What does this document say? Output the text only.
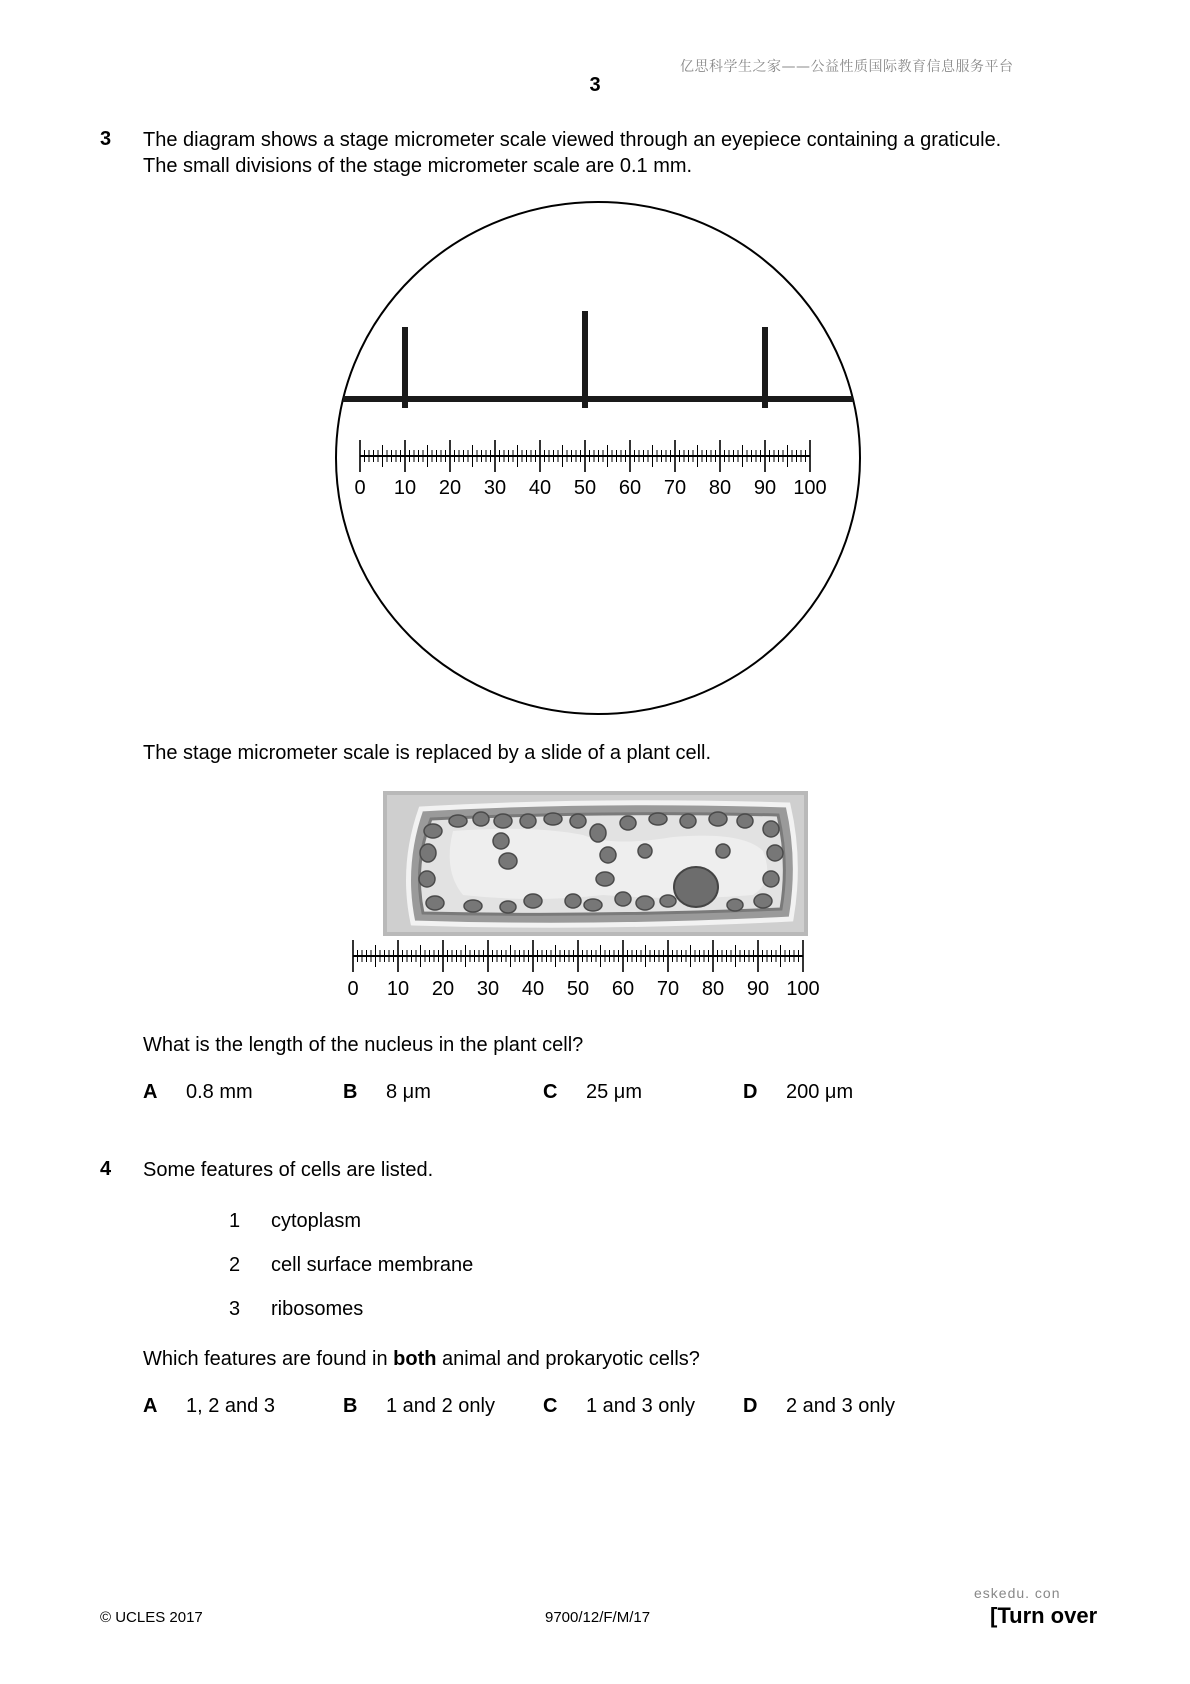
亿思科学生之家——公益性质国际教育信息服务平台
3
3 The diagram shows a stage micrometer scale viewed through an eyepiece containing a graticule.
The small divisions of the stage micrometer scale are 0.1 mm.
0 10 20 30 40 50 60 70 80 90 100
The stage micrometer scale is replaced by a slide of a plant cell.
0 10 20 30 40 50 60 70 80 90 100
What is the length of the nucleus in the plant cell?
A 0.8 mm	B 8 μm	C 25 μm	D 200 μm
4 Some features of cells are listed.
1 cytoplasm
2 cell surface membrane
3 ribosomes
Which features are found in both animal and prokaryotic cells?
A 1, 2 and 3	B 1 and 2 only C 1 and 3 only D 2 and 3 only
eskedu. con
© UCLES 2017	9700/12/F/M/17	[Turn over
